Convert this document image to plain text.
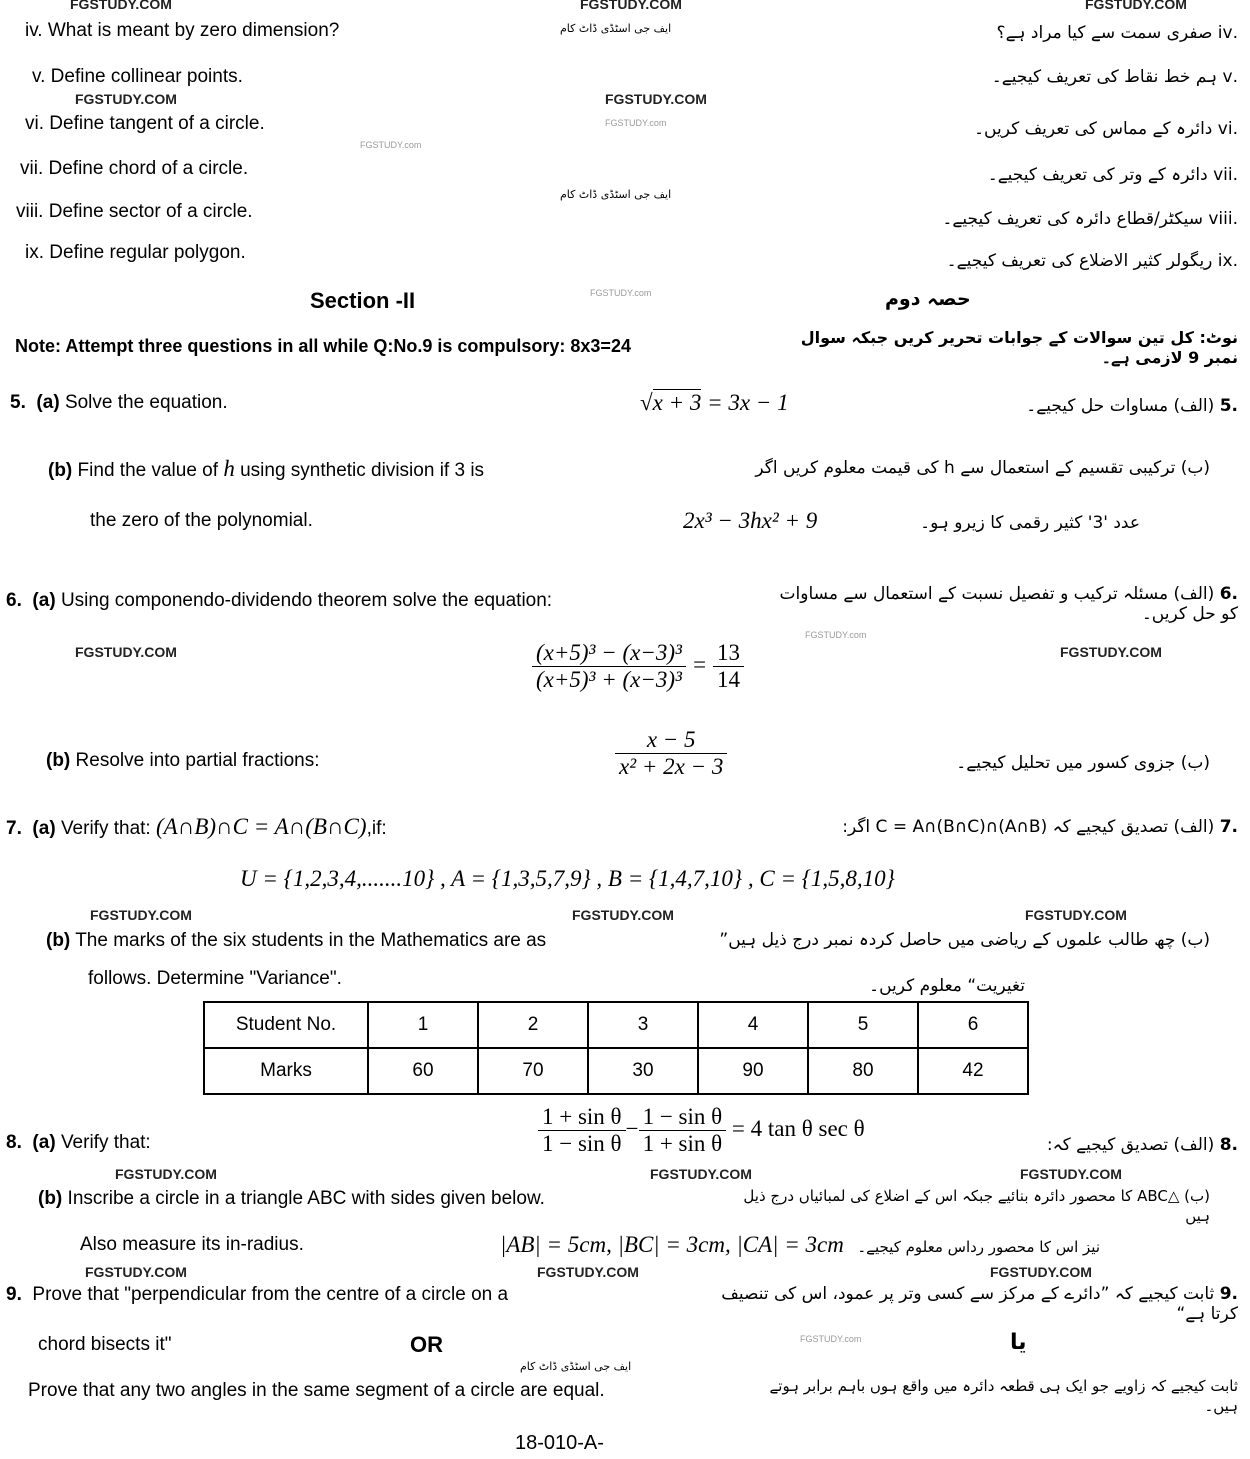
FGSTUDY.COM	FGSTUDY.COM	FGSTUDY.COM
FGSTUDY.COM	FGSTUDY.COM
FGSTUDY.COM	FGSTUDY.COM
FGSTUDY.COM	FGSTUDY.COM	FGSTUDY.COM
FGSTUDY.COM	FGSTUDY.COM	FGSTUDY.COM
FGSTUDY.COM	FGSTUDY.COM	FGSTUDY.COM
FGSTUDY.com
FGSTUDY.com
FGSTUDY.com
FGSTUDY.com
FGSTUDY.com
ایف جی اسٹڈی ڈاٹ کام
ایف جی اسٹڈی ڈاٹ کام
ایف جی اسٹڈی ڈاٹ کام
iv. What is meant by zero dimension?	.iv صفری سمت سے کیا مراد ہے؟
v. Define collinear points.	.v ہم خط نقاط کی تعریف کیجیے۔
vi. Define tangent of a circle.	.vi دائرہ کے مماس کی تعریف کریں۔
vii. Define chord of a circle.	.vii دائرہ کے وتر کی تعریف کیجیے۔
viii. Define sector of a circle.	.viii سیکٹر/قطاع دائرہ کی تعریف کیجیے۔
ix. Define regular polygon.	.ix ریگولر کثیر الاضلاع کی تعریف کیجیے۔
Section -II	حصہ دوم
Note: Attempt three questions in all while Q:No.9 is compulsory: 8x3=24	نوٹ: کل تین سوالات کے جوابات تحریر کریں جبکہ سوال نمبر 9 لازمی ہے۔
5. (a) Solve the equation.	√x + 3 = 3x − 1	.5 (الف) مساوات حل کیجیے۔
(b) Find the value of h using synthetic division if 3 is
the zero of the polynomial.	2x³ − 3hx² + 9
(ب) ترکیبی تقسیم کے استعمال سے h کی قیمت معلوم کریں اگر
عدد '3' کثیر رقمی کا زیرو ہو۔
6. (a) Using componendo-dividendo theorem solve the equation:	.6 (الف) مسئلہ ترکیب و تفصیل نسبت کے استعمال سے مساوات کو حل کریں۔
$\frac{\text{(x+5)³ − (x−3)³}}{\text{(x+5)³ + (x−3)³}} = \frac{13}{14}$
(b) Resolve into partial fractions:	$\frac{x - 5}{\text{x² + 2x − 3}}$	(ب) جزوی کسور میں تحلیل کیجیے۔
7. (a) Verify that: (A∩B)∩C = A∩(B∩C),if:	.7 (الف) تصدیق کیجیے کہ (A∩B)∩C = A∩(B∩C) اگر:
U = {1,2,3,4,.......10} , A = {1,3,5,7,9} , B = {1,4,7,10} , C = {1,5,8,10}
(b) The marks of the six students in the Mathematics are as
follows. Determine "Variance".
(ب) چھ طالب علموں کے ریاضی میں حاصل کردہ نمبر درج ذیل ہیں”
تغیریت“ معلوم کریں۔
Student No.	1	2	3	4	5	6
Marks	60	70	30	90	80	42
8. (a) Verify that:	$\frac{\text{1 + sin θ}}{\text{1 − sin θ}} - \frac{\text{1 − sin θ}}{\text{1 + sin θ}} = 4$ tan θ sec θ
.8 (الف) تصدیق کیجیے کہ:
(b) Inscribe a circle in a triangle ABC with sides given below.	(ب) △ABC کا محصور دائرہ بنائیے جبکہ اس کے اضلاع کی لمبائیاں درج ذیل ہیں
Also measure its in-radius.	|AB| = 5cm, |BC| = 3cm, |CA| = 3cm نیز اس کا محصور رداس معلوم کیجیے۔
9. Prove that "perpendicular from the centre of a circle on a	.9 ثابت کیجیے کہ ”دائرے کے مرکز سے کسی وتر پر عمود، اس کی تنصیف کرتا ہے“
chord bisects it"	OR	یا
Prove that any two angles in the same segment of a circle are equal.	ثابت کیجیے کہ زاویے جو ایک ہی قطعہ دائرہ میں واقع ہوں باہم برابر ہوتے ہیں۔
18-010-A-
